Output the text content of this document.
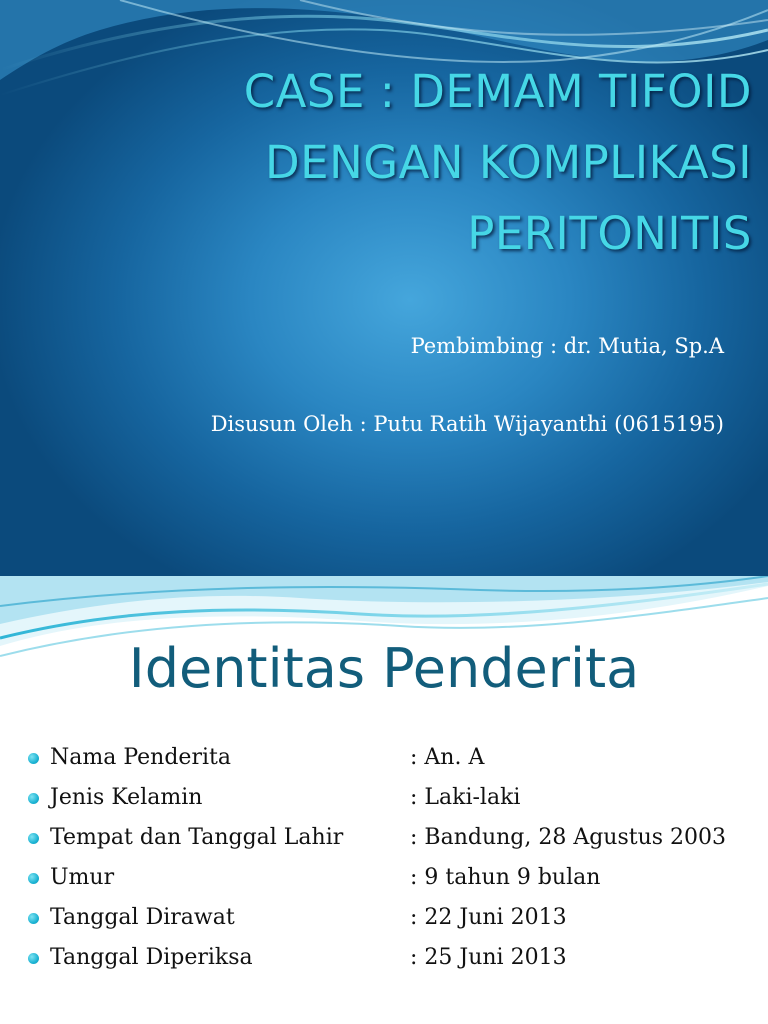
CASE : DEMAM TIFOID
DENGAN KOMPLIKASI
PERITONITIS
Pembimbing : dr. Mutia, Sp.A
Disusun Oleh : Putu Ratih Wijayanthi (0615195)
Identitas Penderita
Nama Penderita	: An. A
Jenis Kelamin	: Laki-laki
Tempat dan Tanggal Lahir	: Bandung, 28 Agustus 2003
Umur	: 9 tahun 9 bulan
Tanggal Dirawat	: 22 Juni 2013
Tanggal Diperiksa	: 25 Juni 2013
